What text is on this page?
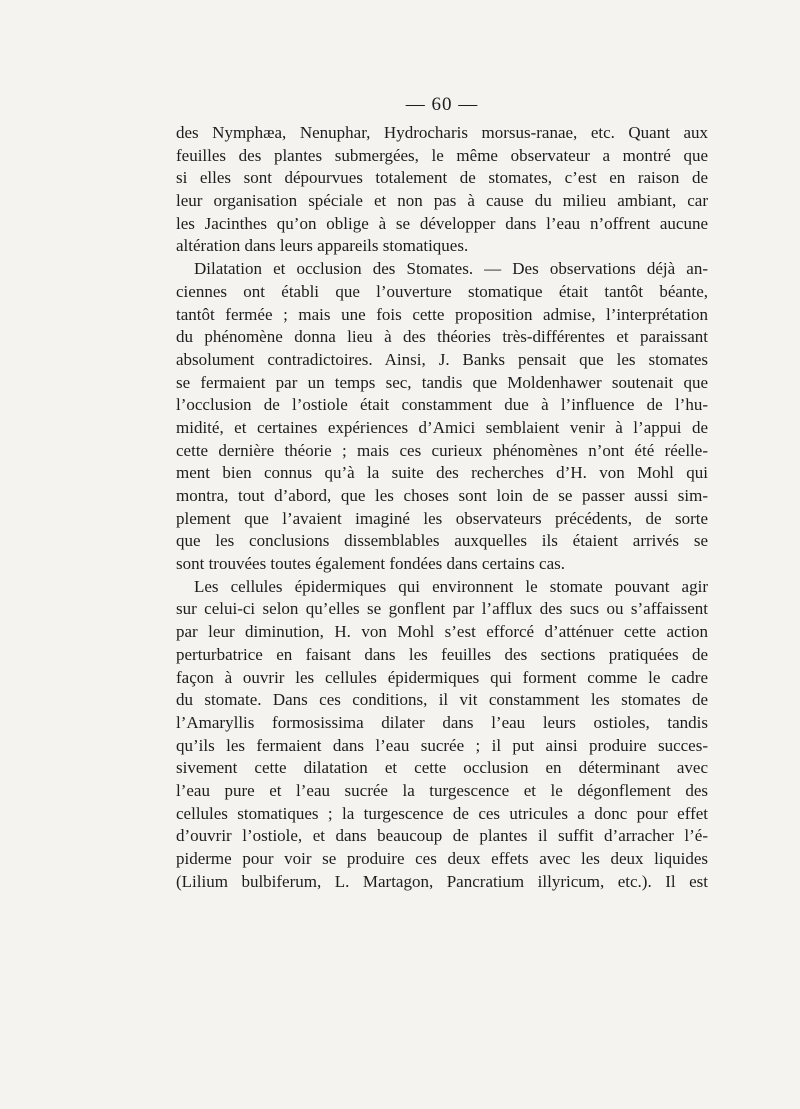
— 60 —
des Nymphæa, Nenuphar, Hydrocharis morsus-ranae, etc. Quant aux
feuilles des plantes submergées, le même observateur a montré que
si elles sont dépourvues totalement de stomates, c’est en raison de
leur organisation spéciale et non pas à cause du milieu ambiant, car
les Jacinthes qu’on oblige à se développer dans l’eau n’offrent aucune
altération dans leurs appareils stomatiques.
Dilatation et occlusion des Stomates. — Des observations déjà an-
ciennes ont établi que l’ouverture stomatique était tantôt béante,
tantôt fermée ; mais une fois cette proposition admise, l’interprétation
du phénomène donna lieu à des théories très-différentes et paraissant
absolument contradictoires. Ainsi, J. Banks pensait que les stomates
se fermaient par un temps sec, tandis que Moldenhawer soutenait que
l’occlusion de l’ostiole était constamment due à l’influence de l’hu-
midité, et certaines expériences d’Amici semblaient venir à l’appui de
cette dernière théorie ; mais ces curieux phénomènes n’ont été réelle-
ment bien connus qu’à la suite des recherches d’H. von Mohl qui
montra, tout d’abord, que les choses sont loin de se passer aussi sim-
plement que l’avaient imaginé les observateurs précédents, de sorte
que les conclusions dissemblables auxquelles ils étaient arrivés se
sont trouvées toutes également fondées dans certains cas.
Les cellules épidermiques qui environnent le stomate pouvant agir
sur celui-ci selon qu’elles se gonflent par l’afflux des sucs ou s’affaissent
par leur diminution, H. von Mohl s’est efforcé d’atténuer cette action
perturbatrice en faisant dans les feuilles des sections pratiquées de
façon à ouvrir les cellules épidermiques qui forment comme le cadre
du stomate. Dans ces conditions, il vit constamment les stomates de
l’Amaryllis formosissima dilater dans l’eau leurs ostioles, tandis
qu’ils les fermaient dans l’eau sucrée ; il put ainsi produire succes-
sivement cette dilatation et cette occlusion en déterminant avec
l’eau pure et l’eau sucrée la turgescence et le dégonflement des
cellules stomatiques ; la turgescence de ces utricules a donc pour effet
d’ouvrir l’ostiole, et dans beaucoup de plantes il suffit d’arracher l’é-
piderme pour voir se produire ces deux effets avec les deux liquides
(Lilium bulbiferum, L. Martagon, Pancratium illyricum, etc.). Il est
